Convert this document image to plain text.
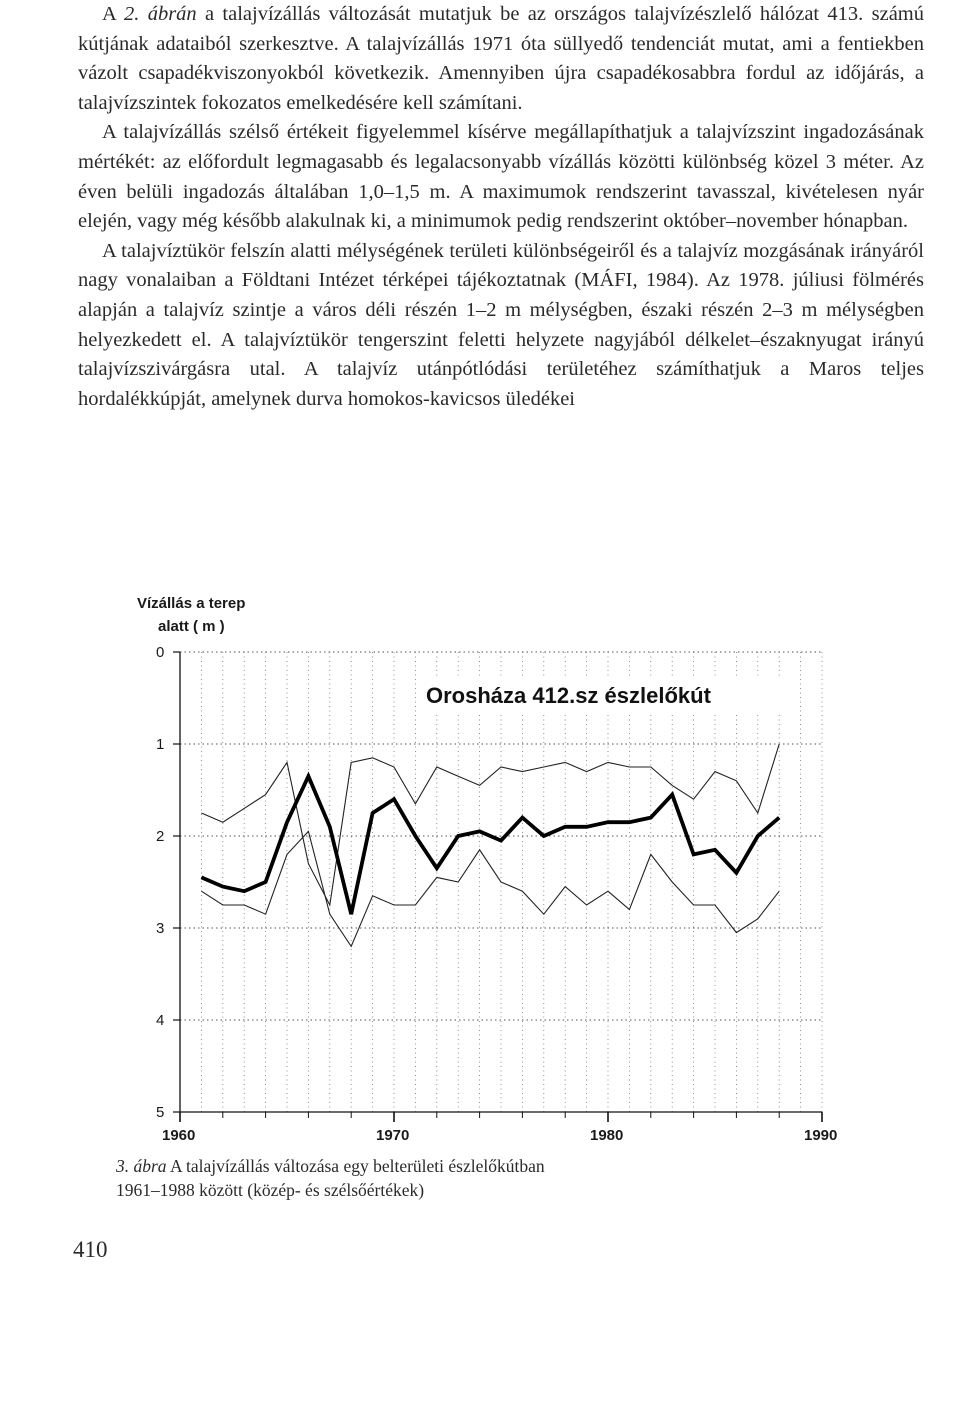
A 2. ábrán a talajvízállás változását mutatjuk be az országos talajvízészlelő hálózat 413. számú kútjának adataiból szerkesztve. A talajvízállás 1971 óta süllyedő tendenciát mutat, ami a fentiekben vázolt csapadékviszonyokból következik. Amennyiben újra csapadékosabbra fordul az időjárás, a talajvízszintek fokozatos emelkedésére kell számítani.

A talajvízállás szélső értékeit figyelemmel kísérve megállapíthatjuk a talajvízszint ingadozásának mértékét: az előfordult legmagasabb és legalacsonyabb vízállás közötti különbség közel 3 méter. Az éven belüli ingadozás általában 1,0–1,5 m. A maximumok rendszerint tavasszal, kivételesen nyár elején, vagy még később alakulnak ki, a minimumok pedig rendszerint október–november hónapban.

A talajvíztükör felszín alatti mélységének területi különbségeiről és a talajvíz mozgásának irányáról nagy vonalaiban a Földtani Intézet térképei tájékoztatnak (MÁFI, 1984). Az 1978. júliusi fölmérés alapján a talajvíz szintje a város déli részén 1–2 m mélységben, északi részén 2–3 m mélységben helyezkedett el. A talajvíztükör tengerszint feletti helyzete nagyjából délkelet–északnyugat irányú talajvízszivárgásra utal. A talajvíz utánpótlódási területéhez számíthatjuk a Maros teljes hordalékkúpját, amelynek durva homokos-kavicsos üledékei

Vízállás a terep
alatt ( m )
0
1
2
3
4
5
1960	1970	1980	1990
Orosháza 412.sz észlelőkút
3. ábra A talajvízállás változása egy belterületi észlelőkútban
1961–1988 között (közép- és szélsőértékek)
410
